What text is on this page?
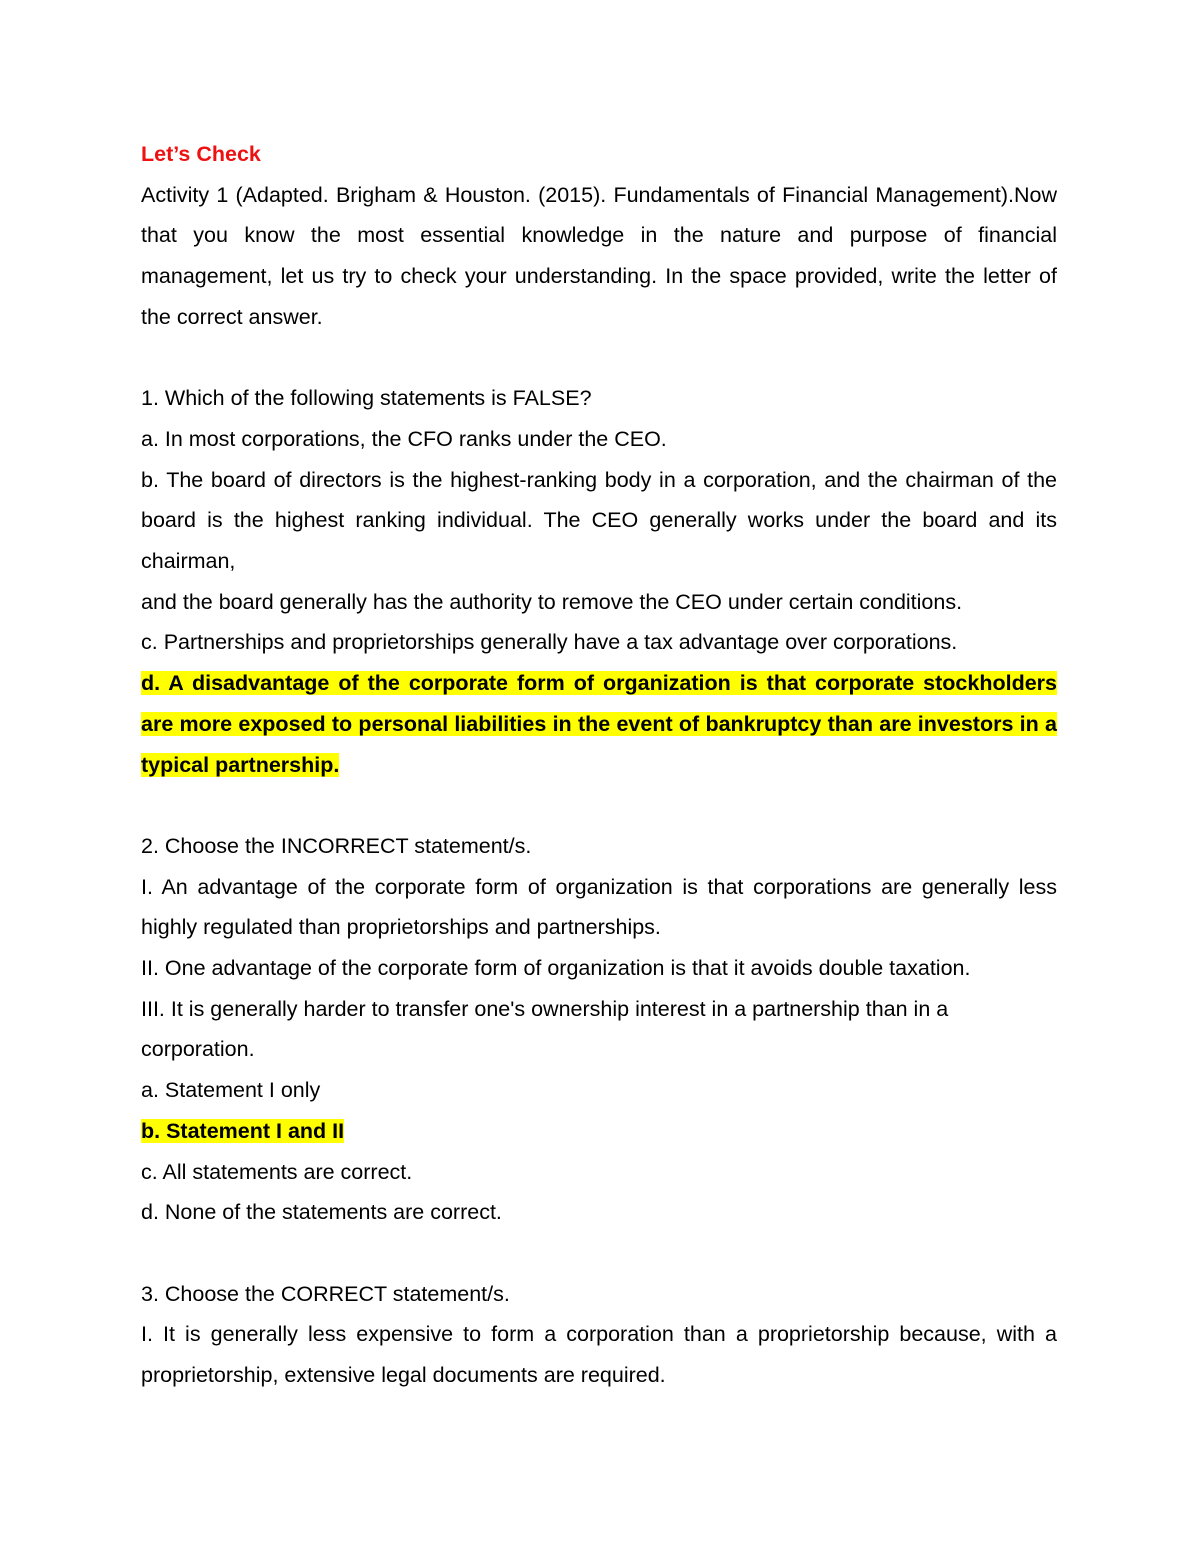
Let’s Check

Activity 1 (Adapted. Brigham & Houston. (2015). Fundamentals of Financial Management).Now that you know the most essential knowledge in the nature and purpose of financial management, let us try to check your understanding. In the space provided, write the letter of the correct answer.

1. Which of the following statements is FALSE?

a. In most corporations, the CFO ranks under the CEO.

b. The board of directors is the highest-ranking body in a corporation, and the chairman of the board is the highest ranking individual. The CEO generally works under the board and its chairman,

and the board generally has the authority to remove the CEO under certain conditions.

c. Partnerships and proprietorships generally have a tax advantage over corporations.

d. A disadvantage of the corporate form of organization is that corporate stockholders are more exposed to personal liabilities in the event of bankruptcy than are investors in a typical partnership.

2. Choose the INCORRECT statement/s.

I. An advantage of the corporate form of organization is that corporations are generally less highly regulated than proprietorships and partnerships.

II. One advantage of the corporate form of organization is that it avoids double taxation.

III. It is generally harder to transfer one's ownership interest in a partnership than in a corporation.

a. Statement I only

b. Statement I and II

c. All statements are correct.

d. None of the statements are correct.

3. Choose the CORRECT statement/s.

I. It is generally less expensive to form a corporation than a proprietorship because, with a proprietorship, extensive legal documents are required.
